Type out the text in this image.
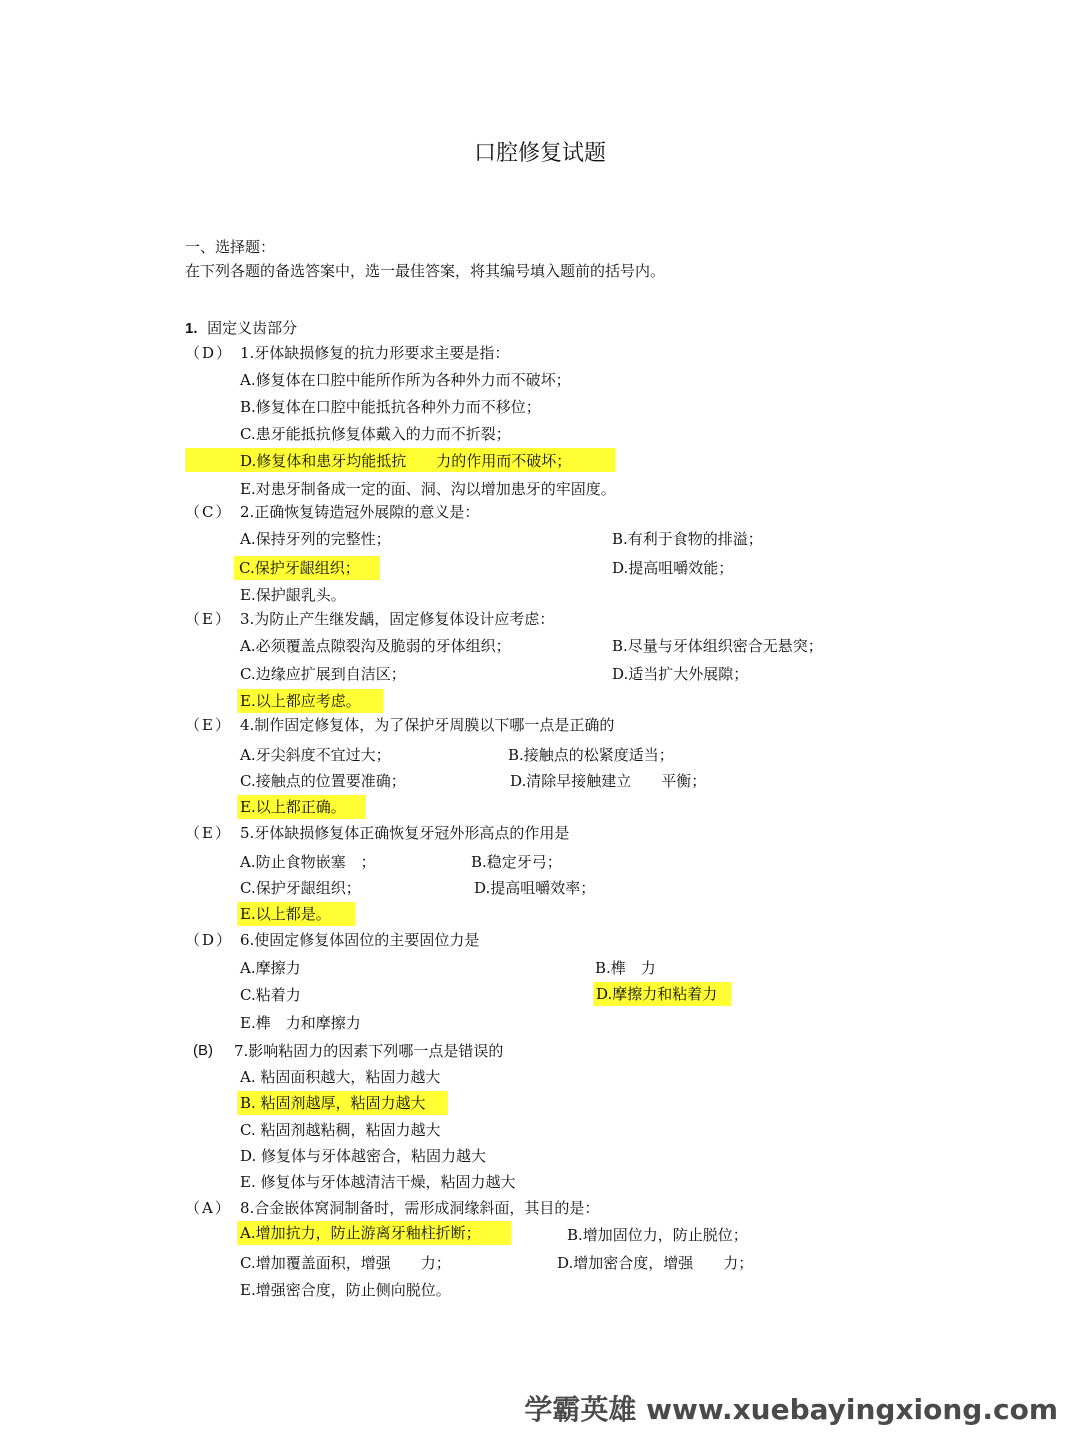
口腔修复试题
一、选择题：
在下列各题的备选答案中，选一最佳答案，将其编号填入题前的括号内。
1. 固定义齿部分
（D） 1.牙体缺损修复的抗力形要求主要是指：
A.修复体在口腔中能所作所为各种外力而不破坏；
B.修复体在口腔中能抵抗各种外力而不移位；
C.患牙能抵抗修复体戴入的力而不折裂；
D.修复体和患牙均能抵抗　　力的作用而不破坏；
E.对患牙制备成一定的面、洞、沟以增加患牙的牢固度。
（C） 2.正确恢复铸造冠外展隙的意义是：
A.保持牙列的完整性；	B.有利于食物的排溢；
C.保护牙龈组织；	D.提高咀嚼效能；
E.保护龈乳头。
（E） 3.为防止产生继发龋，固定修复体设计应考虑：
A.必须覆盖点隙裂沟及脆弱的牙体组织；	B.尽量与牙体组织密合无悬突；
C.边缘应扩展到自洁区；	D.适当扩大外展隙；
E.以上都应考虑。
（E） 4.制作固定修复体，为了保护牙周膜以下哪一点是正确的
A.牙尖斜度不宜过大；	B.接触点的松紧度适当；
C.接触点的位置要准确；	D.清除早接触建立　　平衡；
E.以上都正确。
（E） 5.牙体缺损修复体正确恢复牙冠外形高点的作用是
A.防止食物嵌塞　；	B.稳定牙弓；
C.保护牙龈组织；	D.提高咀嚼效率；
E.以上都是。
（D） 6.使固定修复体固位的主要固位力是
A.摩擦力	B.榫　力
C.粘着力	D.摩擦力和粘着力
E.榫　力和摩擦力
(B) 7.影响粘固力的因素下列哪一点是错误的
A. 粘固面积越大，粘固力越大
B. 粘固剂越厚，粘固力越大
C. 粘固剂越粘稠，粘固力越大
D. 修复体与牙体越密合，粘固力越大
E. 修复体与牙体越清洁干燥，粘固力越大
（A） 8.合金嵌体窝洞制备时，需形成洞缘斜面，其目的是：
A.增加抗力，防止游离牙釉柱折断；	B.增加固位力，防止脱位；
C.增加覆盖面积，增强　　力；	D.增加密合度，增强　　力；
E.增强密合度，防止侧向脱位。
学霸英雄 www.xuebayingxiong.com
